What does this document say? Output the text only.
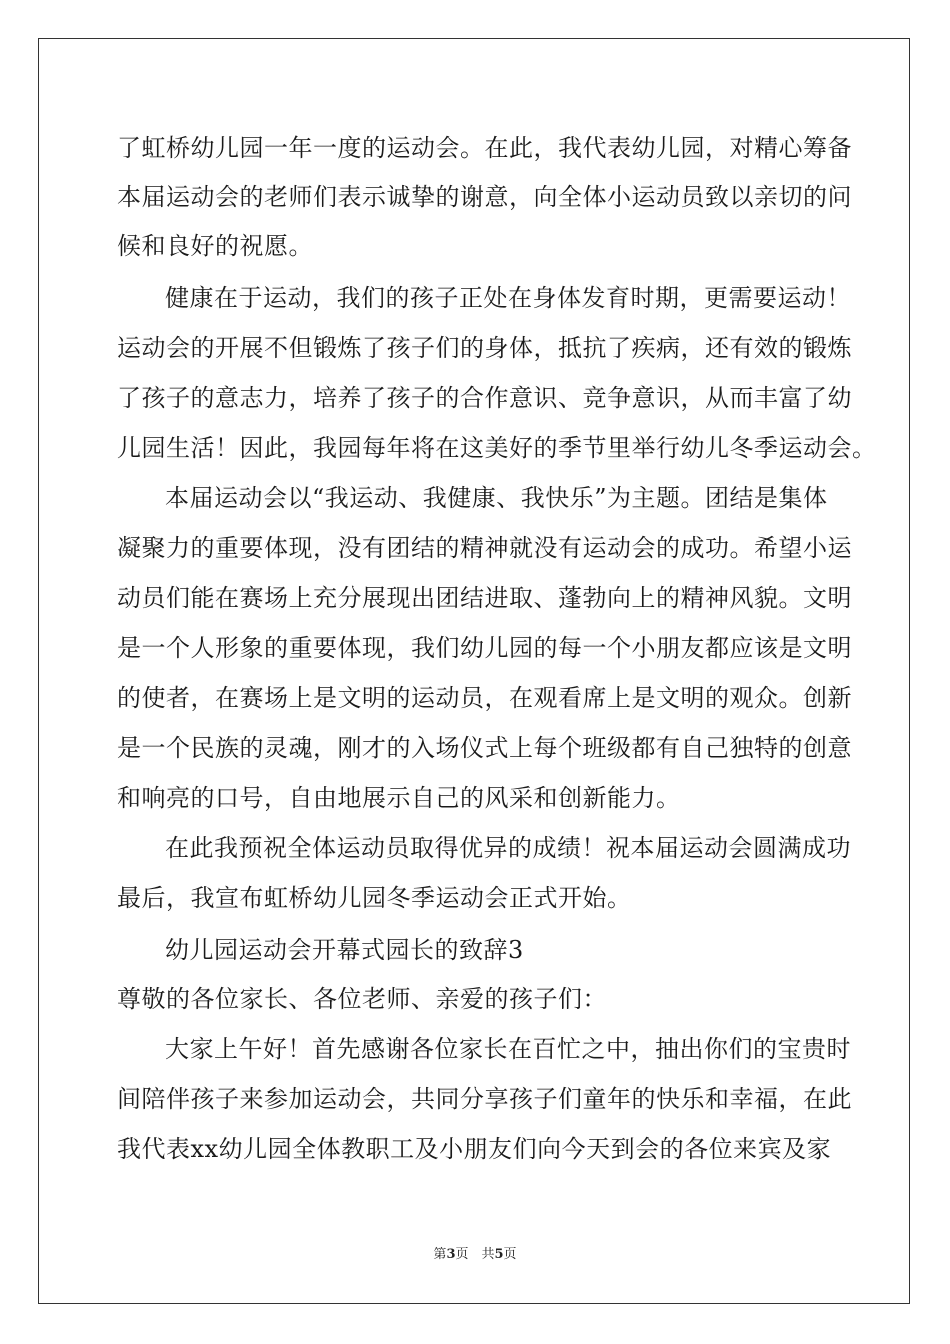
了虹桥幼儿园一年一度的运动会。在此，我代表幼儿园，对精心筹备
本届运动会的老师们表示诚挚的谢意，向全体小运动员致以亲切的问
候和良好的祝愿。
健康在于运动，我们的孩子正处在身体发育时期，更需要运动！
运动会的开展不但锻炼了孩子们的身体，抵抗了疾病，还有效的锻炼
了孩子的意志力，培养了孩子的合作意识、竞争意识，从而丰富了幼
儿园生活！因此，我园每年将在这美好的季节里举行幼儿冬季运动会。
本届运动会以“我运动、我健康、我快乐”为主题。团结是集体
凝聚力的重要体现，没有团结的精神就没有运动会的成功。希望小运
动员们能在赛场上充分展现出团结进取、蓬勃向上的精神风貌。文明
是一个人形象的重要体现，我们幼儿园的每一个小朋友都应该是文明
的使者，在赛场上是文明的运动员，在观看席上是文明的观众。创新
是一个民族的灵魂，刚才的入场仪式上每个班级都有自己独特的创意
和响亮的口号，自由地展示自己的风采和创新能力。
在此我预祝全体运动员取得优异的成绩！祝本届运动会圆满成功
最后，我宣布虹桥幼儿园冬季运动会正式开始。
幼儿园运动会开幕式园长的致辞3
尊敬的各位家长、各位老师、亲爱的孩子们：
大家上午好！首先感谢各位家长在百忙之中，抽出你们的宝贵时
间陪伴孩子来参加运动会，共同分享孩子们童年的快乐和幸福，在此
我代表xx幼儿园全体教职工及小朋友们向今天到会的各位来宾及家
第3页　共5页
